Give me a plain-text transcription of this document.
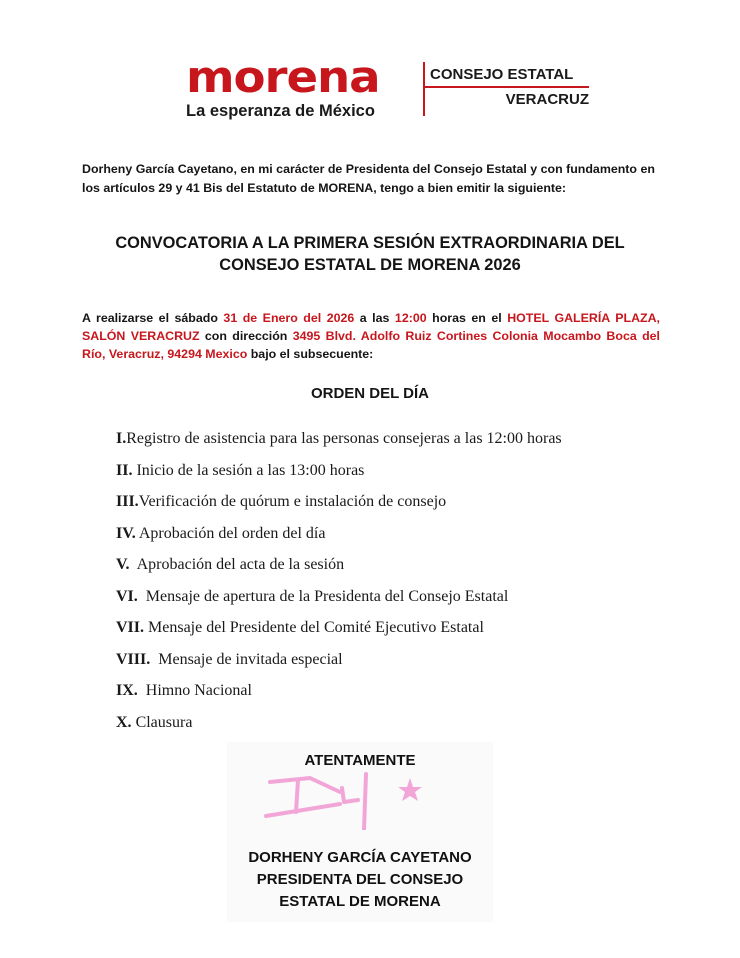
morena
La esperanza de México
CONSEJO ESTATAL
VERACRUZ

Dorheny García Cayetano, en mi carácter de Presidenta del Consejo Estatal y con fundamento en los artículos 29 y 41 Bis del Estatuto de MORENA, tengo a bien emitir la siguiente:

CONVOCATORIA A LA PRIMERA SESIÓN EXTRAORDINARIA DEL
CONSEJO ESTATAL DE MORENA 2026

A realizarse el sábado 31 de Enero del 2026 a las 12:00 horas en el HOTEL GALERÍA PLAZA, SALÓN VERACRUZ con dirección 3495 Blvd. Adolfo Ruiz Cortines Colonia Mocambo Boca del Río, Veracruz, 94294 Mexico bajo el subsecuente:

ORDEN DEL DÍA
I.Registro de asistencia para las personas consejeras a las 12:00 horas
II. Inicio de la sesión a las 13:00 horas
III.Verificación de quórum e instalación de consejo
IV. Aprobación del orden del día
V.  Aprobación del acta de la sesión
VI.  Mensaje de apertura de la Presidenta del Consejo Estatal
VII. Mensaje del Presidente del Comité Ejecutivo Estatal
VIII.  Mensaje de invitada especial
IX.  Himno Nacional
X. Clausura
ATENTAMENTE
DORHENY GARCÍA CAYETANO
PRESIDENTA DEL CONSEJO
ESTATAL DE MORENA
